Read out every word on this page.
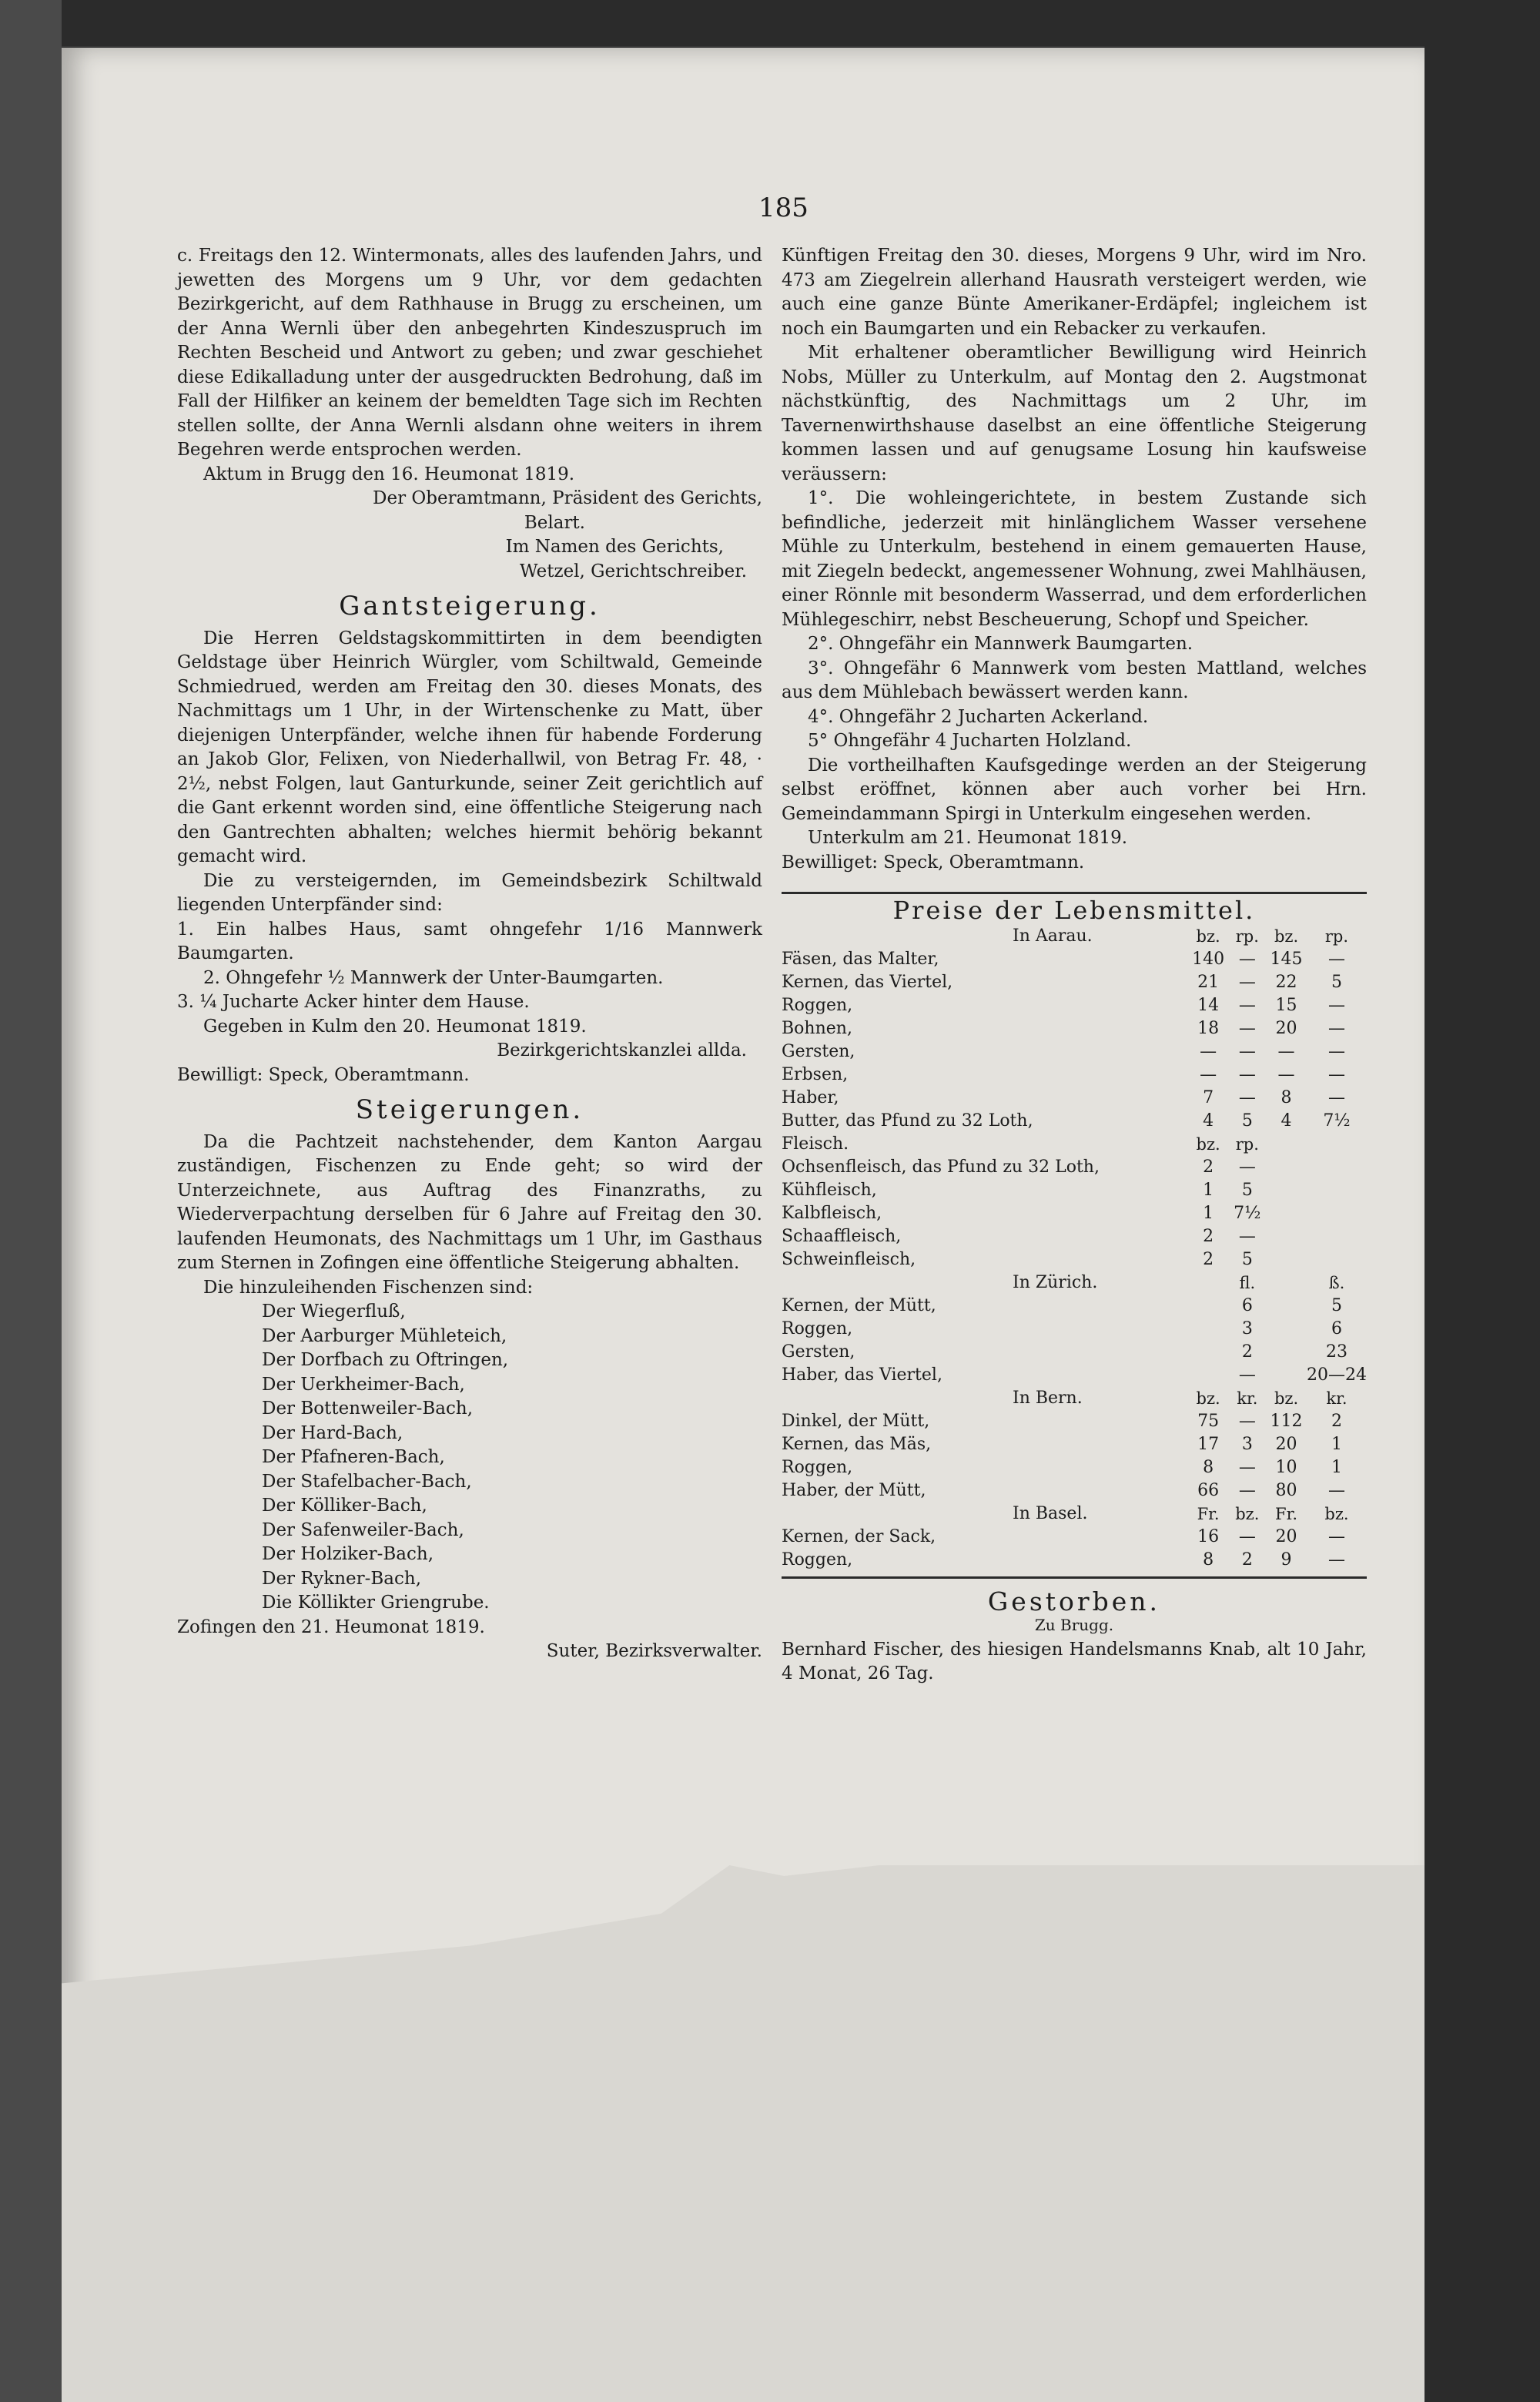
185

c. Freitags den 12. Wintermonats, alles des laufenden Jahrs, und jewetten des Morgens um 9 Uhr, vor dem gedachten Bezirkgericht, auf dem Rathhause in Brugg zu erscheinen, um der Anna Wernli über den anbegehrten Kindeszuspruch im Rechten Bescheid und Antwort zu geben; und zwar geschiehet diese Edikalladung unter der ausgedruckten Bedrohung, daß im Fall der Hilfiker an keinem der bemeldten Tage sich im Rechten stellen sollte, der Anna Wernli alsdann ohne weiters in ihrem Begehren werde entsprochen werden.

Aktum in Brugg den 16. Heumonat 1819.

Der Oberamtmann, Präsident des Gerichts,

Belart.

Im Namen des Gerichts,

Wetzel, Gerichtschreiber.

Gantsteigerung.

Die Herren Geldstagskommittirten in dem beendigten Geldstage über Heinrich Würgler, vom Schiltwald, Gemeinde Schmiedrued, werden am Freitag den 30. dieses Monats, des Nachmittags um 1 Uhr, in der Wirtenschenke zu Matt, über diejenigen Unterpfänder, welche ihnen für habende Forderung an Jakob Glor, Felixen, von Niederhallwil, von Betrag Fr. 48, · 2½, nebst Folgen, laut Ganturkunde, seiner Zeit gerichtlich auf die Gant erkennt worden sind, eine öffentliche Steigerung nach den Gantrechten abhalten; welches hiermit behörig bekannt gemacht wird.

Die zu versteigernden, im Gemeindsbezirk Schiltwald liegenden Unterpfänder sind:

1. Ein halbes Haus, samt ohngefehr 1/16 Mannwerk Baumgarten.

2. Ohngefehr ½ Mannwerk der Unter-Baumgarten.

3. ¼ Jucharte Acker hinter dem Hause.

Gegeben in Kulm den 20. Heumonat 1819.

Bezirkgerichtskanzlei allda.

Bewilligt: Speck, Oberamtmann.

Steigerungen.

Da die Pachtzeit nachstehender, dem Kanton Aargau zuständigen, Fischenzen zu Ende geht; so wird der Unterzeichnete, aus Auftrag des Finanzraths, zu Wiederverpachtung derselben für 6 Jahre auf Freitag den 30. laufenden Heumonats, des Nachmittags um 1 Uhr, im Gasthaus zum Sternen in Zofingen eine öffentliche Steigerung abhalten.

Die hinzuleihenden Fischenzen sind:

Der Wiegerfluß,

Der Aarburger Mühleteich,

Der Dorfbach zu Oftringen,

Der Uerkheimer-Bach,

Der Bottenweiler-Bach,

Der Hard-Bach,

Der Pfafneren-Bach,

Der Stafelbacher-Bach,

Der Kölliker-Bach,

Der Safenweiler-Bach,

Der Holziker-Bach,

Der Rykner-Bach,

Die Köllikter Griengrube.

Zofingen den 21. Heumonat 1819.

Suter, Bezirksverwalter.

Künftigen Freitag den 30. dieses, Morgens 9 Uhr, wird im Nro. 473 am Ziegelrein allerhand Hausrath versteigert werden, wie auch eine ganze Bünte Amerikaner-Erdäpfel; ingleichem ist noch ein Baumgarten und ein Rebacker zu verkaufen.

Mit erhaltener oberamtlicher Bewilligung wird Heinrich Nobs, Müller zu Unterkulm, auf Montag den 2. Augstmonat nächstkünftig, des Nachmittags um 2 Uhr, im Tavernenwirthshause daselbst an eine öffentliche Steigerung kommen lassen und auf genugsame Losung hin kaufsweise veräussern:

1°. Die wohleingerichtete, in bestem Zustande sich befindliche, jederzeit mit hinlänglichem Wasser versehene Mühle zu Unterkulm, bestehend in einem gemauerten Hause, mit Ziegeln bedeckt, angemessener Wohnung, zwei Mahlhäusen, einer Rönnle mit besonderm Wasserrad, und dem erforderlichen Mühlegeschirr, nebst Bescheuerung, Schopf und Speicher.

2°. Ohngefähr ein Mannwerk Baumgarten.

3°. Ohngefähr 6 Mannwerk vom besten Mattland, welches aus dem Mühlebach bewässert werden kann.

4°. Ohngefähr 2 Jucharten Ackerland.

5° Ohngefähr 4 Jucharten Holzland.

Die vortheilhaften Kaufsgedinge werden an der Steigerung selbst eröffnet, können aber auch vorher bei Hrn. Gemeindammann Spirgi in Unterkulm eingesehen werden.

Unterkulm am 21. Heumonat 1819.

Bewilliget: Speck, Oberamtmann.

Preise der Lebensmittel.
In Aarau.	bz.	rp.	bz.	rp.
Fäsen, das Malter,	140	—	145	—
Kernen, das Viertel,	21	—	22	5
Roggen,	14	—	15	—
Bohnen,	18	—	20	—
Gersten,	—	—	—	—
Erbsen,	—	—	—	—
Haber,	7	—	8	—
Butter, das Pfund zu 32 Loth,	4	5	4	7½
Fleisch.	bz.	rp.		
Ochsenfleisch, das Pfund zu 32 Loth,	2	—		
Kühfleisch,	1	5		
Kalbfleisch,	1	7½		
Schaaffleisch,	2	—		
Schweinfleisch,	2	5		
In Zürich.		fl.		ß.
Kernen, der Mütt,		6		5
Roggen,		3		6
Gersten,		2		23
Haber, das Viertel,		—		20—24
In Bern.	bz.	kr.	bz.	kr.
Dinkel, der Mütt,	75	—	112	2
Kernen, das Mäs,	17	3	20	1
Roggen,	8	—	10	1
Haber, der Mütt,	66	—	80	—
In Basel.	Fr.	bz.	Fr.	bz.
Kernen, der Sack,	16	—	20	—
Roggen,	8	2	9	—
Gestorben.

Zu Brugg.

Bernhard Fischer, des hiesigen Handelsmanns Knab, alt 10 Jahr, 4 Monat, 26 Tag.
